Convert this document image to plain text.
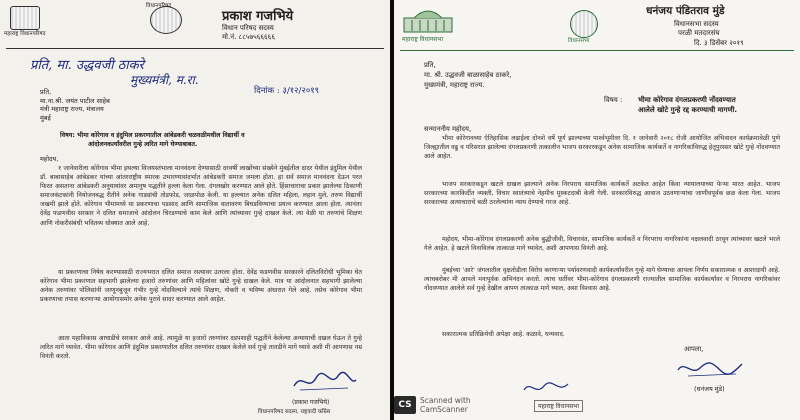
महाराष्ट्र विधानपरिषद
विधानपरिषद
प्रकाश गजभिये
विधान परिषद सदस्य
मो.नं. ८८५७५६६६६६
प्रति, मा. उद्धवजी ठाकरे
मुख्यमंत्री, म.रा.
दिनांक : ३/१२/२०१९
प्रति,
मा.ना.श्री. जयंत पाटील साहेब
मंत्री महाराष्ट्र राज्य, मंत्रालय
मुंबई
विषय: भीमा कोरेगाव व इंदुमिल प्रकरणातील आंबेडकरी चळवळीमधील विद्यार्थी व
आंदोलनकर्त्यांवरील गुन्हे त्वरित मागे घेण्याबाबत.
महोदय,
१ जानेवारीला कोरेगाव भीमा इथल्या विजयस्तंभाला मानवंदना देण्यासाठी दरवर्षी लाखोंच्या संख्येने मुंबईतील दादर येथील इंदुमिल येथील डॉ. बाबासाहेब आंबेडकर यांच्या आंतरराष्ट्रीय स्मारक उभारण्यासंदर्भात आंबेडकरी समाज जमला होता. हा सर्व समाज मानवंदना देऊन परत फिरत असताना आंबेडकरी अनुयायांवर अमानुष पद्धतीने हल्ला केला गेला. दंगलखोर करण्यात आले होते. हिंसाचाराचा प्रकार झालेल्या ठिकाणी समाजकंटकांनी नियोजनबद्ध रीतीने अनेक गाड्यांची तोडफोड, जाळपोळ केली. या हल्ल्यात अनेक दलित महिला, लहान मुले, तरुण विद्यार्थी जखमी झाले होते. कोरेगाव भीमामध्ये या प्रकरणाचा पडसाद आणि सामाजिक वातावरण बिघडविण्याचा प्रयत्न करण्यात आला होता. त्यानंतर देवेंद्र फडणवीस सरकार ने दलित समाजाचे आंदोलन चिरडण्याचे काम केले आणि त्यांच्यावर गुन्हे दाखल केले. त्या वेळी या तरुणांचे शिक्षण आणि नोकरीसंबंधी भवितव्य धोक्यात आले आहे.
या प्रकरणाचा निषेध करण्यासाठी राज्यभरात दलित समाज रस्त्यावर उतरला होता. देवेंद्र फडणवीस सरकारने दलितविरोधी भूमिका घेत कोरेगाव भीमा प्रकरणात सहभागी झालेल्या हजारो तरुणांवर आणि महिलांवर खोटे गुन्हे दाखल केले. मात्र या आंदोलनात सहभागी झालेल्या अनेक तरुणांवर पोलिसांनी जाणूनबुजून गंभीर गुन्हे नोंदविल्याने त्यांचे शिक्षण, नोकरी व भविष्य अंधारात गेले आहे. तसेच कोरेगाव भीमा प्रकरणाचा तपास करणाऱ्या आयोगासमोर अनेक पुरावे सादर करण्यात आले आहेत.
आता महाविकास आघाडीचे सरकार आले आहे. त्यामुळे या हजारो तरुणांवर दडपशाही पद्धतीने केलेल्या अन्यायाची दखल घेऊन ते गुन्हे त्वरित मागे घ्यावेत. भीमा कोरेगाव आणि इंदुमिल प्रकरणातील दलित तरुणांवर दाखल केलेले सर्व गुन्हे तातडीने मागे घ्यावे अशी मी आपणास नम्र विनंती करतो.
(प्रकाश गजभिये)
विधानपरिषद सदस्य, राष्ट्रवादी काँग्रेस
महाराष्ट्र विधानसभा	विधानसभा
धनंजय पंडितराव मुंडे
विधानसभा सदस्य
परळी मतदारसंघ
दि. ३ डिसेंबर २०१९
प्रति,
मा. श्री. उद्धवजी बाळासाहेब ठाकरे,
मुख्यमंत्री, महाराष्ट्र राज्य.
विषय : भीमा कोरेगाव दंगलप्रकरणी नोंदवण्यात
आलेले खोटे गुन्हे रद्द करण्याची मागणी.
सन्माननीय महोदय,
भीमा कोरेगावच्या ऐतिहासिक लढाईला दोनशे वर्षे पूर्ण झाल्याच्या पार्श्वभूमीवर दि. १ जानेवारी २०१८ रोजी आयोजित अभिवादन कार्यक्रमावेळी पुणे जिल्ह्यातील वढु व परिसरात झालेल्या दंगलप्रकरणी तत्कालीन भाजप सरकारकडून अनेक सामाजिक कार्यकर्ते व नागरिकांविरुद्ध हेतूपुरस्सर खोटे गुन्हे नोंदवण्यात आले आहेत.
भाजप सरकारकडून खटले दाखल झाल्याने अनेक निरपराध सामाजिक कार्यकर्ते अटकेत आहेत किंवा न्यायालयाच्या फेऱ्या मारत आहेत. भाजप सरकारच्या कारकिर्दीत व्यक्ती, विचार स्वातंत्र्याचे नेहमीच मुस्कटदाबी केली गेली. सरकारविरुद्ध आवाज उठवणाऱ्यांचा जाणीवपूर्वक छळ केला गेला. भाजप सरकारच्या अत्याचाराचे बळी ठरलेल्यांना न्याय देण्याचे गरज आहे.
महोदय, भीमा-कोरेगाव दंगलप्रकरणी अनेक बुद्धीजीवी, विचारवंत, सामाजिक कार्यकर्ते व निरपराध नागरिकांना नक्षलवादी ठरवून त्यांच्यावर खटले भरले गेले आहेत. हे खटले विनाविलंब तात्काळ मागे घ्यावेत, अशी आपणास विनंती आहे.
मुंबईच्या 'आरे' जंगलातील वृक्षतोडीला विरोध करणाऱ्या पर्यावरणवादी कार्यकर्त्यांवरील गुन्हे मागे घेण्याचा आपला निर्णय सकारात्मक व आशादायी आहे. त्याचबरोबर मी आपले मनःपूर्वक अभिनंदन करतो. त्याच धर्तीवर भीमा-कोरेगाव दंगलप्रकरणी राज्यातील सामाजिक कार्यकर्त्यांवर व निरपराध नागरिकांवर नोंदवण्यात आलेले सर्व गुन्हे देखील आपण तात्काळ मागे घ्याल, असा विश्वास आहे.
सकारात्मक प्रतिक्रियेची अपेक्षा आहे. कळावे, धन्यवाद.
आपला,
(धनंजय मुंडे)
महाराष्ट्र विधानसभा
CS	Scanned with
CamScanner
